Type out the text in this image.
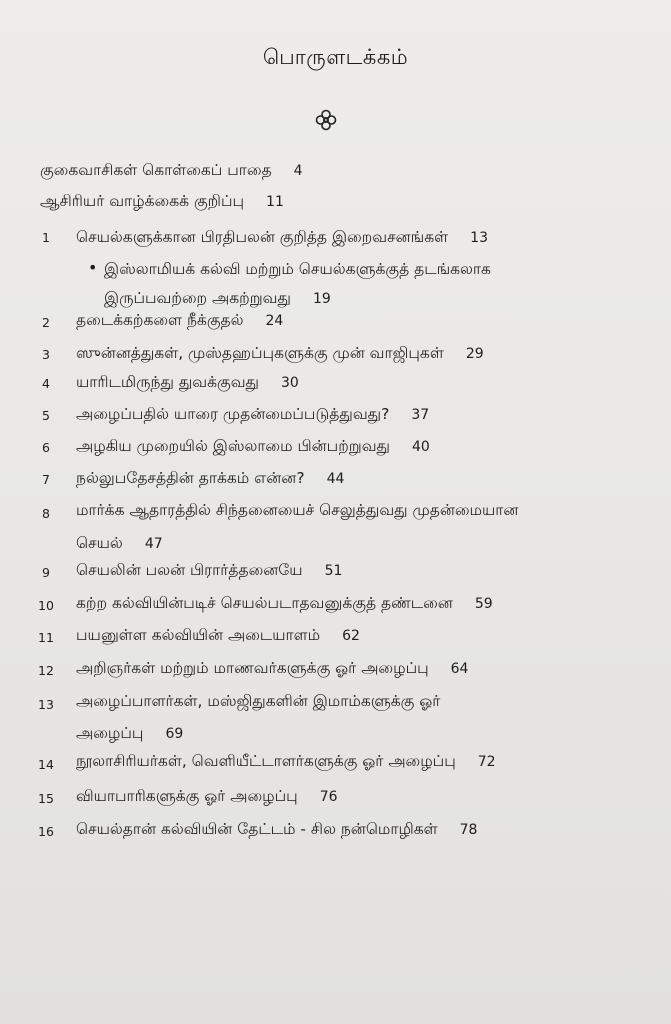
பொருளடக்கம்
குகைவாசிகள் கொள்கைப் பாதை 4
ஆசிரியர் வாழ்க்கைக் குறிப்பு 11
1 செயல்களுக்கான பிரதிபலன் குறித்த இறைவசனங்கள் 13
• இஸ்லாமியக் கல்வி மற்றும் செயல்களுக்குத் தடங்கலாக
இருப்பவற்றை அகற்றுவது 19
2 தடைக்கற்களை நீக்குதல் 24
3 ஸுன்னத்துகள், முஸ்தஹப்புகளுக்கு முன் வாஜிபுகள் 29
4 யாரிடமிருந்து துவக்குவது 30
5 அழைப்பதில் யாரை முதன்மைப்படுத்துவது? 37
6 அழகிய முறையில் இஸ்லாமை பின்பற்றுவது 40
7 நல்லுபதேசத்தின் தாக்கம் என்ன? 44
8 மார்க்க ஆதாரத்தில் சிந்தனையைச் செலுத்துவது முதன்மையான
செயல் 47
9 செயலின் பலன் பிரார்த்தனையே 51
10 கற்ற கல்வியின்படிச் செயல்படாதவனுக்குத் தண்டனை 59
11 பயனுள்ள கல்வியின் அடையாளம் 62
12 அறிஞர்கள் மற்றும் மாணவர்களுக்கு ஓர் அழைப்பு 64
13 அழைப்பாளர்கள், மஸ்ஜிதுகளின் இமாம்களுக்கு ஓர்
அழைப்பு 69
14 நூலாசிரியர்கள், வெளியீட்டாளர்களுக்கு ஓர் அழைப்பு 72
15 வியாபாரிகளுக்கு ஓர் அழைப்பு 76
16 செயல்தான் கல்வியின் தேட்டம் - சில நன்மொழிகள் 78
